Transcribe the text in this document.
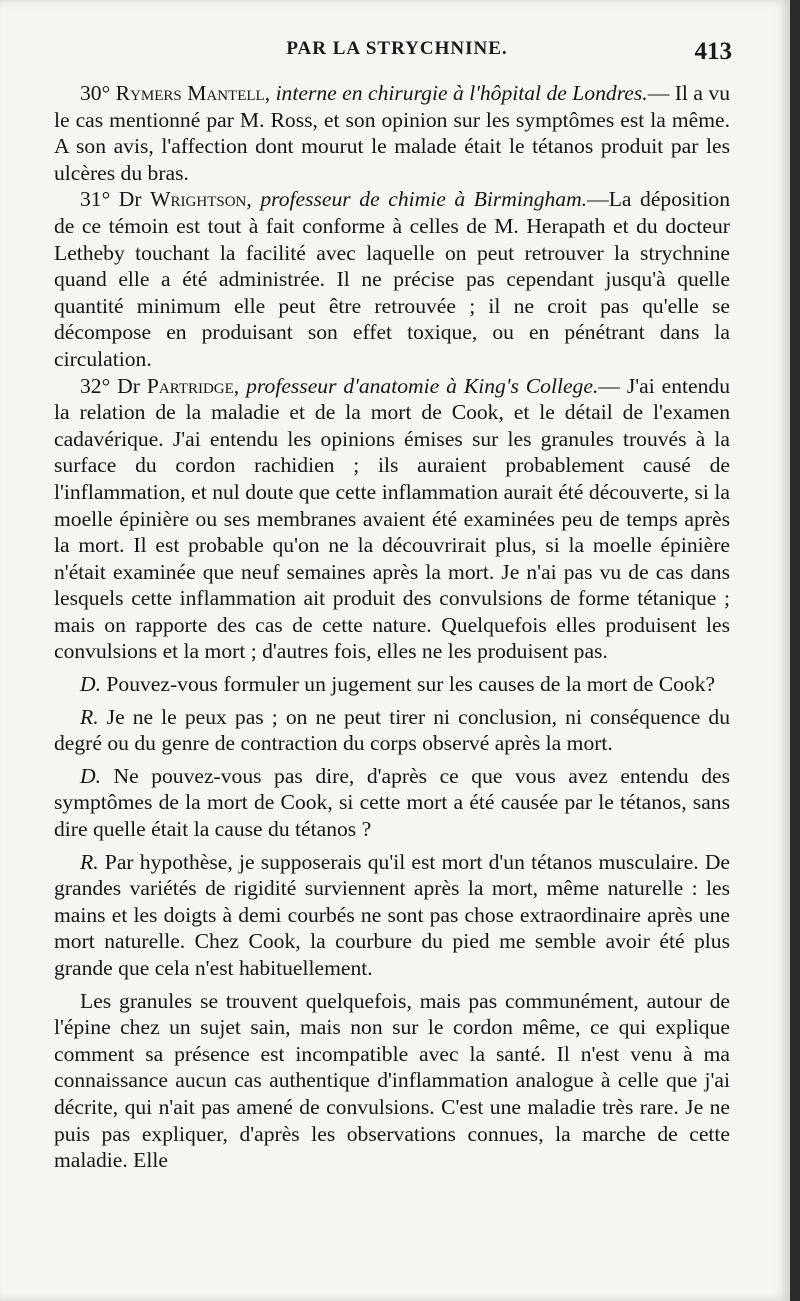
PAR LA STRYCHNINE.	413

30° Rymers Mantell, interne en chirurgie à l'hôpital de Londres.— Il a vu le cas mentionné par M. Ross, et son opinion sur les symptômes est la même. A son avis, l'affection dont mourut le malade était le tétanos produit par les ulcères du bras.

31° Dr Wrightson, professeur de chimie à Birmingham.—La déposition de ce témoin est tout à fait conforme à celles de M. Herapath et du docteur Letheby touchant la facilité avec laquelle on peut retrouver la strychnine quand elle a été administrée. Il ne précise pas cependant jusqu'à quelle quantité minimum elle peut être retrouvée ; il ne croit pas qu'elle se décompose en produisant son effet toxique, ou en pénétrant dans la circulation.

32° Dr Partridge, professeur d'anatomie à King's College.— J'ai entendu la relation de la maladie et de la mort de Cook, et le détail de l'examen cadavérique. J'ai entendu les opinions émises sur les granules trouvés à la surface du cordon rachidien ; ils auraient probablement causé de l'inflammation, et nul doute que cette inflammation aurait été découverte, si la moelle épinière ou ses membranes avaient été examinées peu de temps après la mort. Il est probable qu'on ne la découvrirait plus, si la moelle épinière n'était examinée que neuf semaines après la mort. Je n'ai pas vu de cas dans lesquels cette inflammation ait produit des convulsions de forme tétanique ; mais on rapporte des cas de cette nature. Quelquefois elles produisent les convulsions et la mort ; d'autres fois, elles ne les produisent pas.

D. Pouvez-vous formuler un jugement sur les causes de la mort de Cook?

R. Je ne le peux pas ; on ne peut tirer ni conclusion, ni conséquence du degré ou du genre de contraction du corps observé après la mort.

D. Ne pouvez-vous pas dire, d'après ce que vous avez entendu des symptômes de la mort de Cook, si cette mort a été causée par le tétanos, sans dire quelle était la cause du tétanos ?

R. Par hypothèse, je supposerais qu'il est mort d'un tétanos musculaire. De grandes variétés de rigidité surviennent après la mort, même naturelle : les mains et les doigts à demi courbés ne sont pas chose extraordinaire après une mort naturelle. Chez Cook, la courbure du pied me semble avoir été plus grande que cela n'est habituellement.

Les granules se trouvent quelquefois, mais pas communément, autour de l'épine chez un sujet sain, mais non sur le cordon même, ce qui explique comment sa présence est incompatible avec la santé. Il n'est venu à ma connaissance aucun cas authentique d'inflammation analogue à celle que j'ai décrite, qui n'ait pas amené de convulsions. C'est une maladie très rare. Je ne puis pas expliquer, d'après les observations connues, la marche de cette maladie. Elle
